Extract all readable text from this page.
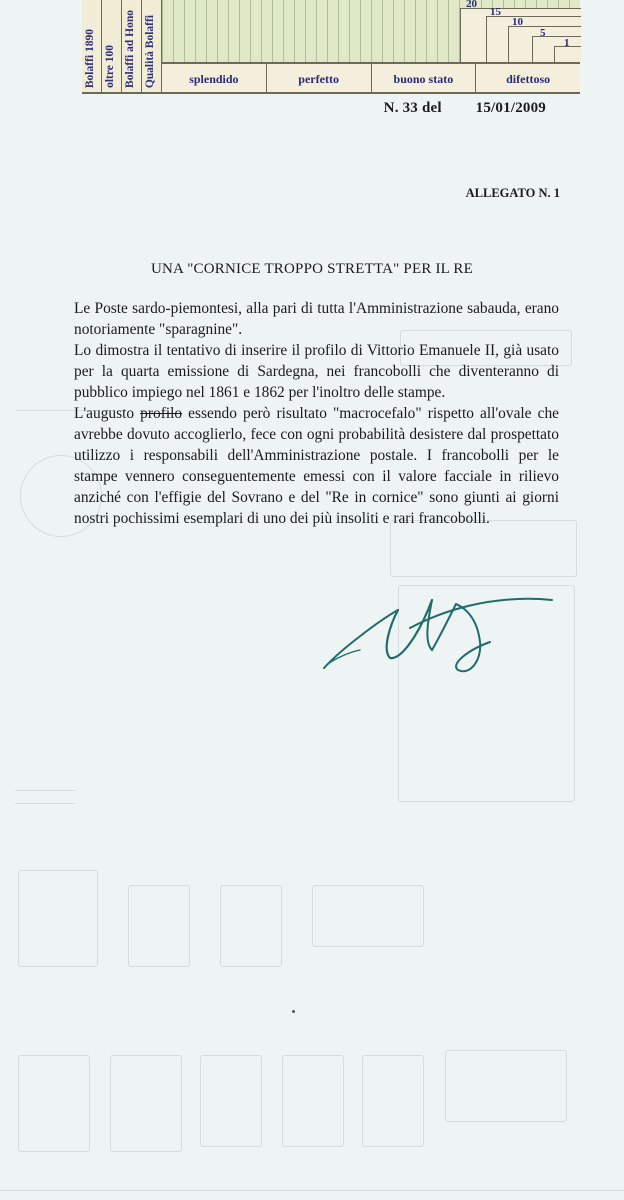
Bolaffi 1890 oltre 100 Bolaffi ad Hono Qualità Bolaffi
20
15
10
5
1
splendido	perfetto	buono stato	difettoso
N. 33 del 15/01/2009
ALLEGATO N. 1
UNA "CORNICE TROPPO STRETTA" PER IL RE

Le Poste sardo-piemontesi, alla pari di tutta l'Amministrazione sabauda, erano notoriamente "sparagnine".

Lo dimostra il tentativo di inserire il profilo di Vittorio Emanuele II, già usato per la quarta emissione di Sardegna, nei francobolli che diventeranno di pubblico impiego nel 1861 e 1862 per l'inoltro delle stampe.

L'augusto profilo essendo però risultato "macrocefalo" rispetto all'ovale che avrebbe dovuto accoglierlo, fece con ogni probabilità desistere dal prospettato utilizzo i responsabili dell'Amministrazione postale. I francobolli per le stampe vennero conseguentemente emessi con il valore facciale in rilievo anziché con l'effigie del Sovrano e del "Re in cornice" sono giunti ai giorni nostri pochissimi esemplari di uno dei più insoliti e rari francobolli.
